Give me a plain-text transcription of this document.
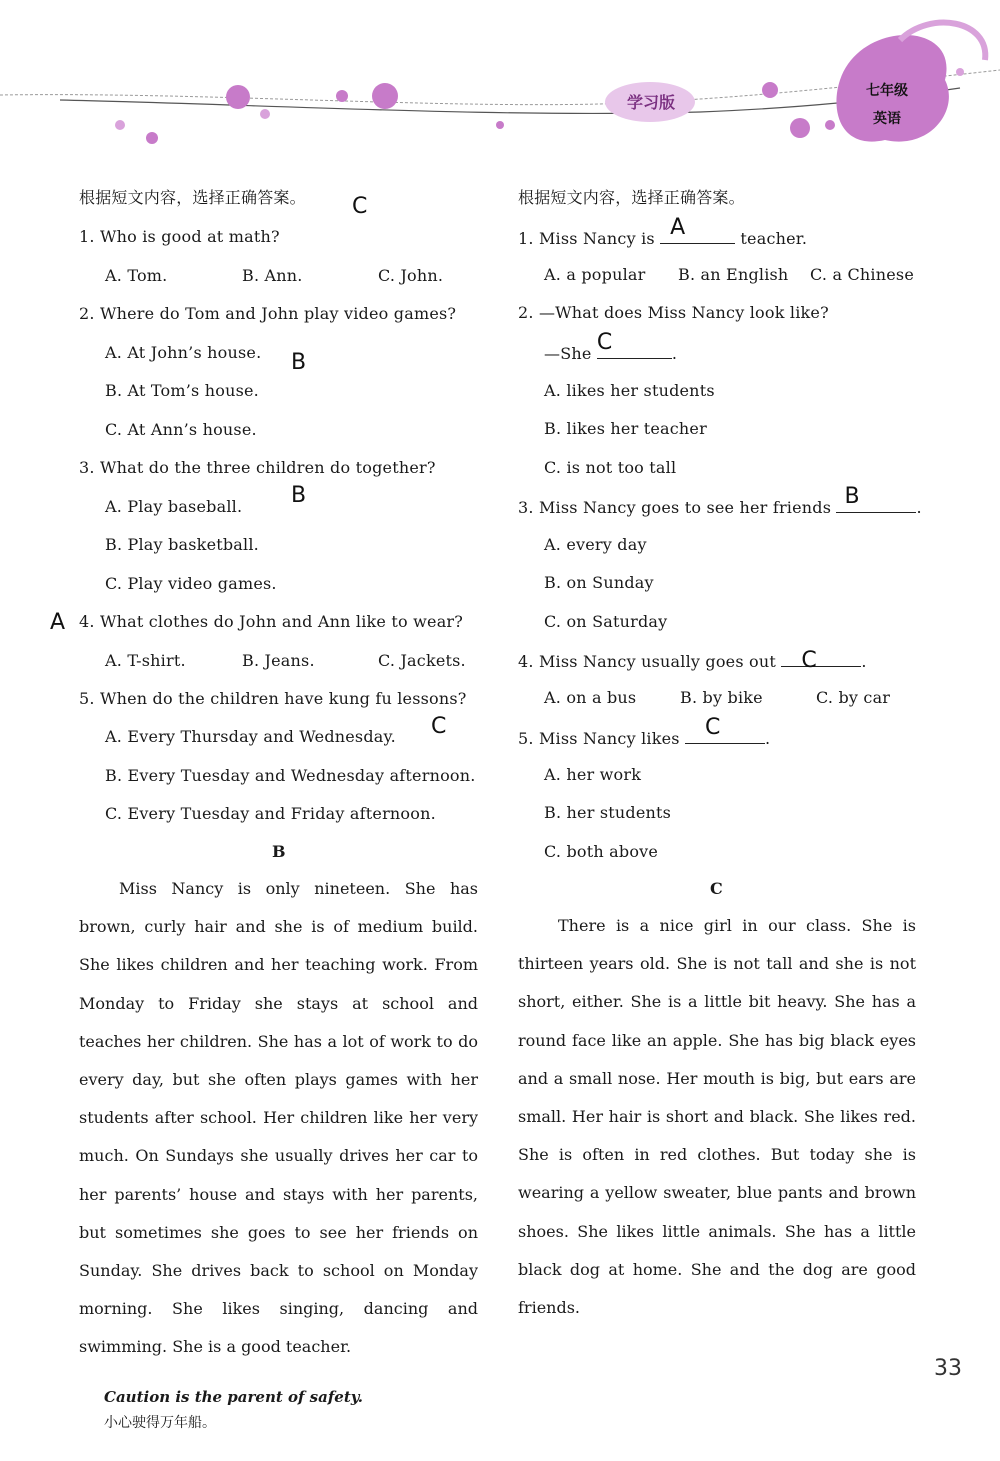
学习版
七年级
英语
根据短文内容，选择正确答案。 C
1. Who is good at math?
A. Tom.	B. Ann.	C. John.
2. Where do Tom and John play video games?
A. At John’s house. B
B. At Tom’s house.
C. At Ann’s house.
3. What do the three children do together?
A. Play baseball. B
B. Play basketball.
C. Play video games.
A 4. What clothes do John and Ann like to wear?
A. T-shirt.	B. Jeans.	C. Jackets.
5. When do the children have kung fu lessons?
A. Every Thursday and Wednesday. C
B. Every Tuesday and Wednesday afternoon.
C. Every Tuesday and Friday afternoon.
B
Miss Nancy is only nineteen. She has brown, curly hair and she is of medium build. She likes children and her teaching work. From Monday to Friday she stays at school and teaches her children. She has a lot of work to do every day, but she often plays games with her students after school. Her children like her very much. On Sundays she usually drives her car to her parents’ house and stays with her parents, but sometimes she goes to see her friends on Sunday. She drives back to school on Monday morning. She likes singing, dancing and swimming. She is a good teacher.
根据短文内容，选择正确答案。
1. Miss Nancy is A	teacher.
A. a popular B. an English C. a Chinese
2. —What does Miss Nancy look like?
—She C	.
A. likes her students
B. likes her teacher
C. is not too tall
3. Miss Nancy goes to see her friends B	.
A. every day
B. on Sunday
C. on Saturday
4. Miss Nancy usually goes out C	.
A. on a bus	B. by bike	C. by car
5. Miss Nancy likes C	.
A. her work
B. her students
C. both above
C
There is a nice girl in our class. She is thirteen years old. She is not tall and she is not short, either. She is a little bit heavy. She has a round face like an apple. She has big black eyes and a small nose. Her mouth is big, but ears are small. Her hair is short and black. She likes red. She is often in red clothes. But today she is wearing a yellow sweater, blue pants and brown shoes. She likes little animals. She has a little black dog at home. She and the dog are good friends.
Caution is the parent of safety.
小心驶得万年船。
33
